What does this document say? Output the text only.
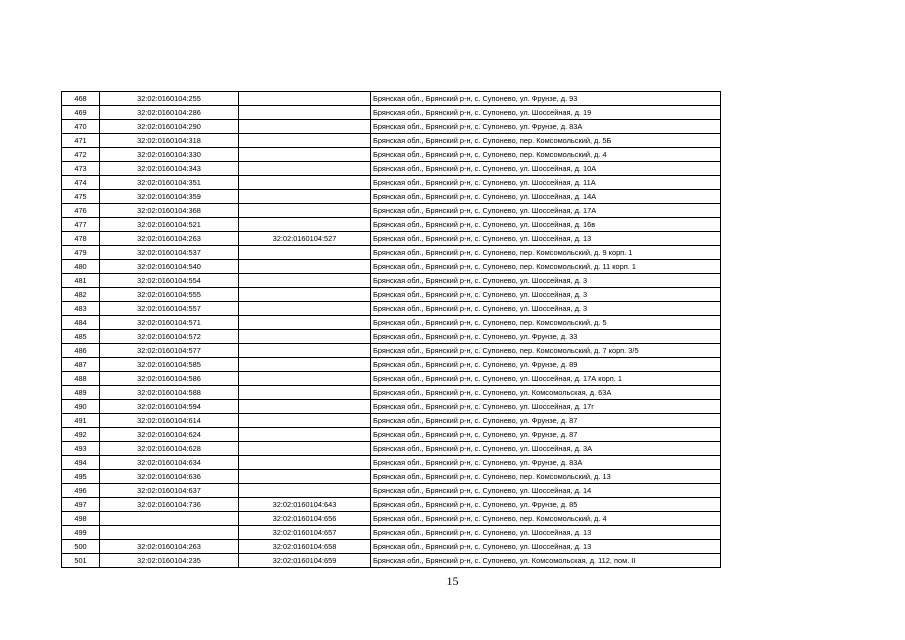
468	32:02:0160104:255		Брянская обл., Брянский р-н, с. Супонево, ул. Фрунзе, д. 93
469	32:02:0160104:286		Брянская обл., Брянский р-н, с. Супонево, ул. Шоссейная, д. 19
470	32:02:0160104:290		Брянская обл., Брянский р-н, с. Супонево, ул. Фрунзе, д. 83А
471	32:02:0160104:318		Брянская обл., Брянский р-н, с. Супонево, пер. Комсомольский, д. 5Б
472	32:02:0160104:330		Брянская обл., Брянский р-н, с. Супонево, пер. Комсомольский, д. 4
473	32:02:0160104:343		Брянская обл., Брянский р-н, с. Супонево, ул. Шоссейная, д. 10А
474	32:02:0160104:351		Брянская обл., Брянский р-н, с. Супонево, ул. Шоссейная, д. 11А
475	32:02:0160104:359		Брянская обл., Брянский р-н, с. Супонево, ул. Шоссейная, д. 14А
476	32:02:0160104:368		Брянская обл., Брянский р-н, с. Супонево, ул. Шоссейная, д. 17А
477	32:02:0160104:521		Брянская обл., Брянский р-н, с. Супонево, ул. Шоссейная, д. 16в
478	32:02:0160104:263	32:02:0160104:527	Брянская обл., Брянский р-н, с. Супонево, ул. Шоссейная, д. 13
479	32:02:0160104:537		Брянская обл., Брянский р-н, с. Супонево, пер. Комсомольский, д. 9 корп. 1
480	32:02:0160104:540		Брянская обл., Брянский р-н, с. Супонево, пер. Комсомольский, д. 11 корп. 1
481	32:02:0160104:554		Брянская обл., Брянский р-н, с. Супонево, ул. Шоссейная, д. 3
482	32:02:0160104:555		Брянская обл., Брянский р-н, с. Супонево, ул. Шоссейная, д. 3
483	32:02:0160104:557		Брянская обл., Брянский р-н, с. Супонево, ул. Шоссейная, д. 3
484	32:02:0160104:571		Брянская обл., Брянский р-н, с. Супонево, пер. Комсомольский, д. 5
485	32:02:0160104:572		Брянская обл., Брянский р-н, с. Супонево, ул. Фрунзе, д. 33
486	32:02:0160104:577		Брянская обл., Брянский р-н, с. Супонево, пер. Комсомольский, д. 7 корп. 3/5
487	32:02:0160104:585		Брянская обл., Брянский р-н, с. Супонево, ул. Фрунзе, д. 89
488	32:02:0160104:586		Брянская обл., Брянский р-н, с. Супонево, ул. Шоссейная, д. 17А корп. 1
489	32:02:0160104:588		Брянская обл., Брянский р-н, с. Супонево, ул. Комсомольская, д. 63А
490	32:02:0160104:594		Брянская обл., Брянский р-н, с. Супонево, ул. Шоссейная, д. 17г
491	32:02:0160104:614		Брянская обл., Брянский р-н, с. Супонево, ул. Фрунзе, д. 87
492	32:02:0160104:624		Брянская обл., Брянский р-н, с. Супонево, ул. Фрунзе, д. 87
493	32:02:0160104:628		Брянская обл., Брянский р-н, с. Супонево, ул. Шоссейная, д. 3А
494	32:02:0160104:634		Брянская обл., Брянский р-н, с. Супонево, ул. Фрунзе, д. 83А
495	32:02:0160104:636		Брянская обл., Брянский р-н, с. Супонево, пер. Комсомольский, д. 13
496	32:02:0160104:637		Брянская обл., Брянский р-н, с. Супонево, ул. Шоссейная, д. 14
497	32:02:0160104:736	32:02:0160104:643	Брянская обл., Брянский р-н, с. Супонево, ул. Фрунзе, д. 85
498		32:02:0160104:656	Брянская обл., Брянский р-н, с. Супонево, пер. Комсомольский, д. 4
499		32:02:0160104:657	Брянская обл., Брянский р-н, с. Супонево, ул. Шоссейная, д. 13
500	32:02:0160104:263	32:02:0160104:658	Брянская обл., Брянский р-н, с. Супонево, ул. Шоссейная, д. 13
501	32:02:0160104:235	32:02:0160104:659	Брянская обл., Брянский р-н, с. Супонево, ул. Комсомольская, д. 112, пом. II
15
